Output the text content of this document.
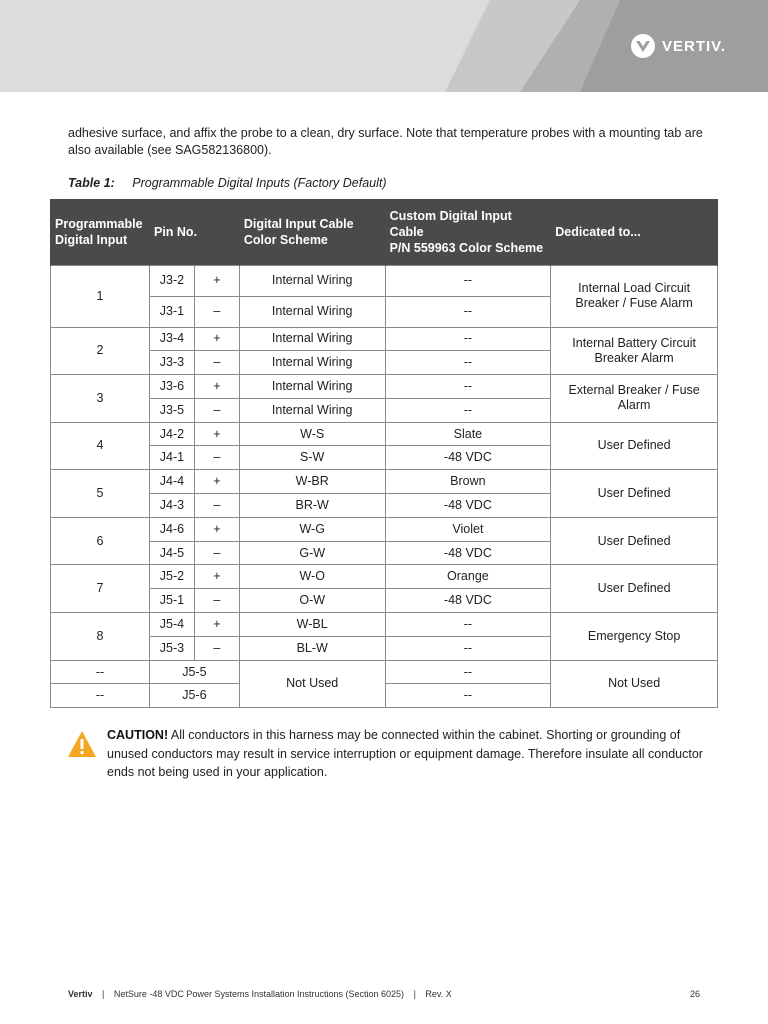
VERTIV.

adhesive surface, and affix the probe to a clean, dry surface. Note that temperature probes with a mounting tab are also available (see SAG582136800).

Table 1: Programmable Digital Inputs (Factory Default)
Programmable Digital Input	Pin No.		Digital Input Cable Color Scheme	Custom Digital Input Cable
P/N 559963 Color Scheme	Dedicated to...
1	J3-2	+	Internal Wiring	--	Internal Load Circuit Breaker / Fuse Alarm
	J3-1	–	Internal Wiring	--	
2	J3-4	+	Internal Wiring	--	Internal Battery Circuit Breaker Alarm
	J3-3	–	Internal Wiring	--	
3	J3-6	+	Internal Wiring	--	External Breaker / Fuse Alarm
	J3-5	–	Internal Wiring	--	
4	J4-2	+	W-S	Slate	User Defined
	J4-1	–	S-W	-48 VDC	
5	J4-4	+	W-BR	Brown	User Defined
	J4-3	–	BR-W	-48 VDC	
6	J4-6	+	W-G	Violet	User Defined
	J4-5	–	G-W	-48 VDC	
7	J5-2	+	W-O	Orange	User Defined
	J5-1	–	O-W	-48 VDC	
8	J5-4	+	W-BL	--	Emergency Stop
	J5-3	–	BL-W	--	
--	J5-5		Not Used	--	Not Used
--	J5-6			--	

CAUTION! All conductors in this harness may be connected within the cabinet. Shorting or grounding of unused conductors may result in service interruption or equipment damage. Therefore insulate all conductor ends not being used in your application.

Vertiv | NetSure -48 VDC Power Systems Installation Instructions (Section 6025) | Rev. X	26
